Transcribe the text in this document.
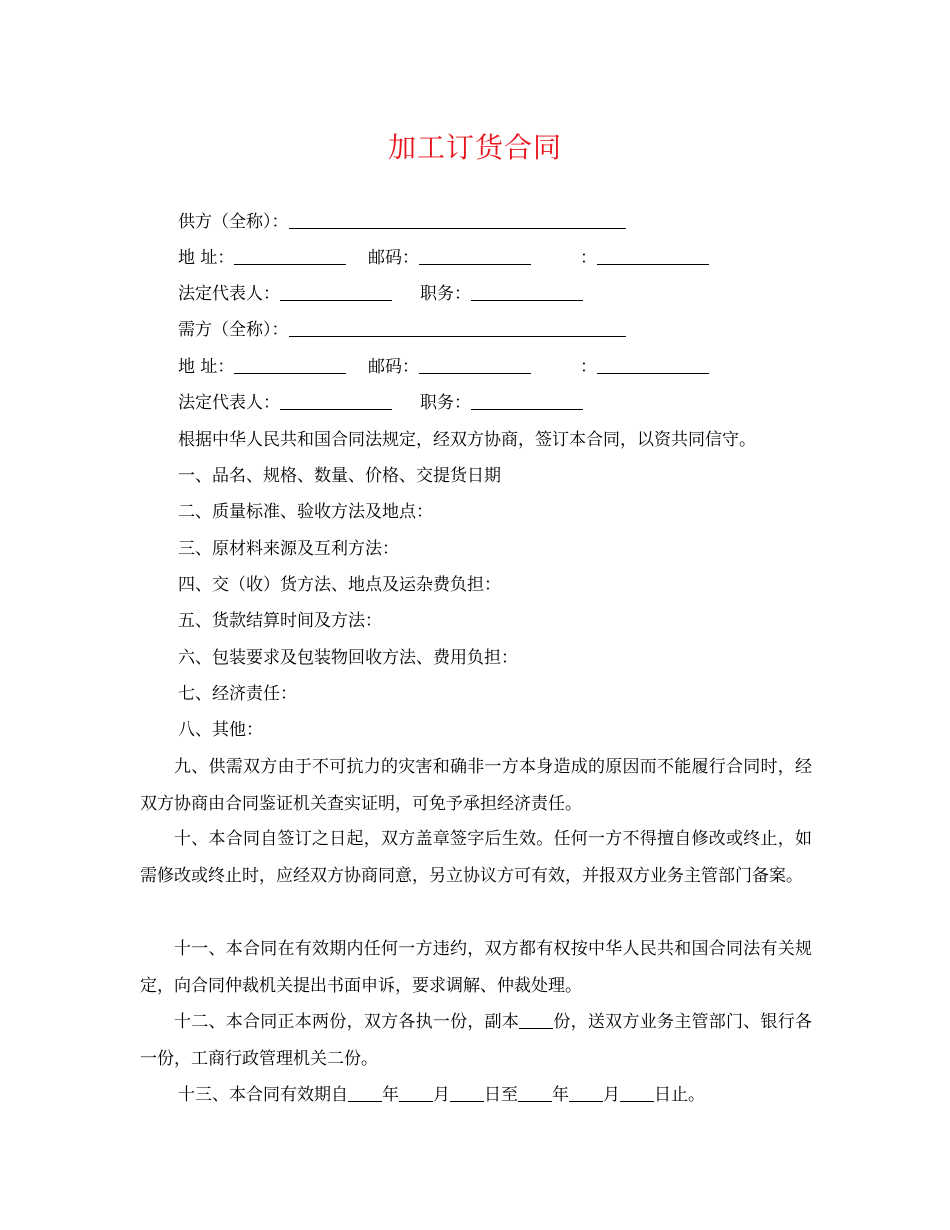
加工订货合同
供方（全称）：
地 址：	邮码：	：
法定代表人：	职务：
需方（全称）：
地 址：	邮码：	：
法定代表人：	职务：
根据中华人民共和国合同法规定，经双方协商，签订本合同，以资共同信守。
一、品名、规格、数量、价格、交提货日期
二、质量标准、验收方法及地点：
三、原材料来源及互利方法：
四、交（收）货方法、地点及运杂费负担：
五、货款结算时间及方法：
六、包装要求及包装物回收方法、费用负担：
七、经济责任：
八、其他：
九、供需双方由于不可抗力的灾害和确非一方本身造成的原因而不能履行合同时，经双方协商由合同鉴证机关查实证明，可免予承担经济责任。
十、本合同自签订之日起，双方盖章签字后生效。任何一方不得擅自修改或终止，如需修改或终止时，应经双方协商同意，另立协议方可有效，并报双方业务主管部门备案。
十一、本合同在有效期内任何一方违约，双方都有权按中华人民共和国合同法有关规定，向合同仲裁机关提出书面申诉，要求调解、仲裁处理。
十二、本合同正本两份，双方各执一份，副本 份，送双方业务主管部门、银行各一份，工商行政管理机关二份。
十三、本合同有效期自 年 月 日至 年 月 日止。
